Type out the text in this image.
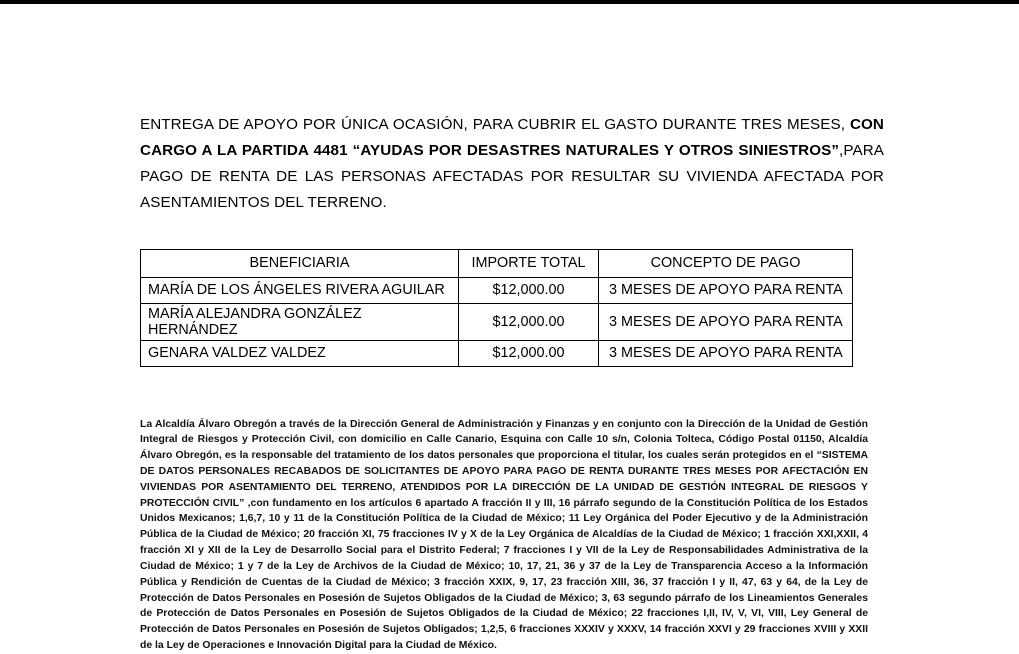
ENTREGA DE APOYO POR ÚNICA OCASIÓN, PARA CUBRIR EL GASTO DURANTE TRES MESES, CON CARGO A LA PARTIDA 4481 “AYUDAS POR DESASTRES NATURALES Y OTROS SINIESTROS”,PARA PAGO DE RENTA DE LAS PERSONAS AFECTADAS POR RESULTAR SU VIVIENDA AFECTADA POR ASENTAMIENTOS DEL TERRENO.

BENEFICIARIA	IMPORTE TOTAL	CONCEPTO DE PAGO
MARÍA DE LOS ÁNGELES RIVERA AGUILAR	$12,000.00	3 MESES DE APOYO PARA RENTA
MARÍA ALEJANDRA GONZÁLEZ HERNÁNDEZ	$12,000.00	3 MESES DE APOYO PARA RENTA
GENARA VALDEZ VALDEZ	$12,000.00	3 MESES DE APOYO PARA RENTA

La Alcaldía Álvaro Obregón a través de la Dirección General de Administración y Finanzas y en conjunto con la Dirección de la Unidad de Gestión Integral de Riesgos y Protección Civil, con domicilio en Calle Canario, Esquina con Calle 10 s/n, Colonia Tolteca, Código Postal 01150, Alcaldía Álvaro Obregón, es la responsable del tratamiento de los datos personales que proporciona el titular, los cuales serán protegidos en el “SISTEMA DE DATOS PERSONALES RECABADOS DE SOLICITANTES DE APOYO PARA PAGO DE RENTA DURANTE TRES MESES POR AFECTACIÓN EN VIVIENDAS POR ASENTAMIENTO DEL TERRENO, ATENDIDOS POR LA DIRECCIÓN DE LA UNIDAD DE GESTIÓN INTEGRAL DE RIESGOS Y PROTECCIÓN CIVIL” ,con fundamento en los artículos 6 apartado A fracción II y III, 16 párrafo segundo de la Constitución Política de los Estados Unidos Mexicanos; 1,6,7, 10 y 11 de la Constitución Política de la Ciudad de México; 11 Ley Orgánica del Poder Ejecutivo y de la Administración Pública de la Ciudad de México; 20 fracción XI, 75 fracciones IV y X de la Ley Orgánica de Alcaldías de la Ciudad de México; 1 fracción XXI,XXII, 4 fracción XI y XII de la Ley de Desarrollo Social para el Distrito Federal; 7 fracciones I y VII de la Ley de Responsabilidades Administrativa de la Ciudad de México; 1 y 7 de la Ley de Archivos de la Ciudad de México; 10, 17, 21, 36 y 37 de la Ley de Transparencia Acceso a la Información Pública y Rendición de Cuentas de la Ciudad de México; 3 fracción XXIX, 9, 17, 23 fracción XIII, 36, 37 fracción I y II, 47, 63 y 64, de la Ley de Protección de Datos Personales en Posesión de Sujetos Obligados de la Ciudad de México; 3, 63 segundo párrafo de los Lineamientos Generales de Protección de Datos Personales en Posesión de Sujetos Obligados de la Ciudad de México; 22 fracciones I,II, IV, V, VI, VIII, Ley General de Protección de Datos Personales en Posesión de Sujetos Obligados; 1,2,5, 6 fracciones XXXIV y XXXV, 14 fracción XXVI y 29 fracciones XVIII y XXII de la Ley de Operaciones e Innovación Digital para la Ciudad de México.
